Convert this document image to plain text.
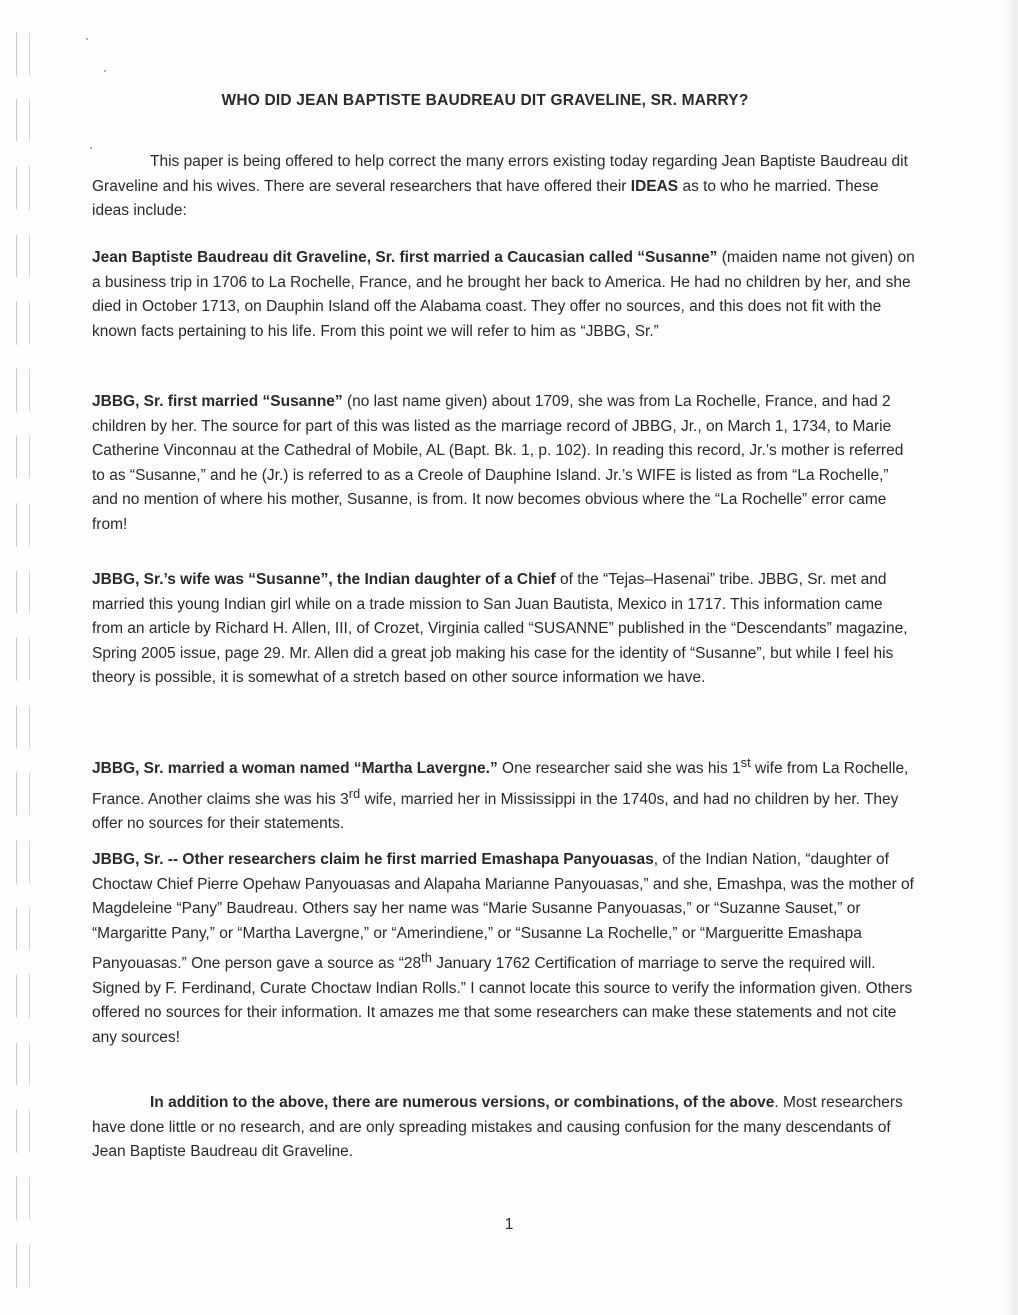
WHO DID JEAN BAPTISTE BAUDREAU DIT GRAVELINE, SR. MARRY?
This paper is being offered to help correct the many errors existing today regarding Jean Baptiste Baudreau dit Graveline and his wives. There are several researchers that have offered their IDEAS as to who he married. These ideas include:
Jean Baptiste Baudreau dit Graveline, Sr. first married a Caucasian called “Susanne” (maiden name not given) on a business trip in 1706 to La Rochelle, France, and he brought her back to America. He had no children by her, and she died in October 1713, on Dauphin Island off the Alabama coast. They offer no sources, and this does not fit with the known facts pertaining to his life. From this point we will refer to him as “JBBG, Sr.”
JBBG, Sr. first married “Susanne” (no last name given) about 1709, she was from La Rochelle, France, and had 2 children by her. The source for part of this was listed as the marriage record of JBBG, Jr., on March 1, 1734, to Marie Catherine Vinconnau at the Cathedral of Mobile, AL (Bapt. Bk. 1, p. 102). In reading this record, Jr.’s mother is referred to as “Susanne,” and he (Jr.) is referred to as a Creole of Dauphine Island. Jr.’s WIFE is listed as from “La Rochelle,” and no mention of where his mother, Susanne, is from. It now becomes obvious where the “La Rochelle” error came from!
JBBG, Sr.’s wife was “Susanne”, the Indian daughter of a Chief of the “Tejas–Hasenai” tribe. JBBG, Sr. met and married this young Indian girl while on a trade mission to San Juan Bautista, Mexico in 1717. This information came from an article by Richard H. Allen, III, of Crozet, Virginia called “SUSANNE” published in the “Descendants” magazine, Spring 2005 issue, page 29. Mr. Allen did a great job making his case for the identity of “Susanne”, but while I feel his theory is possible, it is somewhat of a stretch based on other source information we have.
JBBG, Sr. married a woman named “Martha Lavergne.” One researcher said she was his 1st wife from La Rochelle, France. Another claims she was his 3rd wife, married her in Mississippi in the 1740s, and had no children by her. They offer no sources for their statements.
JBBG, Sr. -- Other researchers claim he first married Emashapa Panyouasas, of the Indian Nation, “daughter of Choctaw Chief Pierre Opehaw Panyouasas and Alapaha Marianne Panyouasas,” and she, Emashpa, was the mother of Magdeleine “Pany” Baudreau. Others say her name was “Marie Susanne Panyouasas,” or “Suzanne Sauset,” or “Margaritte Pany,” or “Martha Lavergne,” or “Amerindiene,” or “Susanne La Rochelle,” or “Margueritte Emashapa Panyouasas.” One person gave a source as “28th January 1762 Certification of marriage to serve the required will. Signed by F. Ferdinand, Curate Choctaw Indian Rolls.” I cannot locate this source to verify the information given. Others offered no sources for their information. It amazes me that some researchers can make these statements and not cite any sources!
In addition to the above, there are numerous versions, or combinations, of the above. Most researchers have done little or no research, and are only spreading mistakes and causing confusion for the many descendants of Jean Baptiste Baudreau dit Graveline.
1
